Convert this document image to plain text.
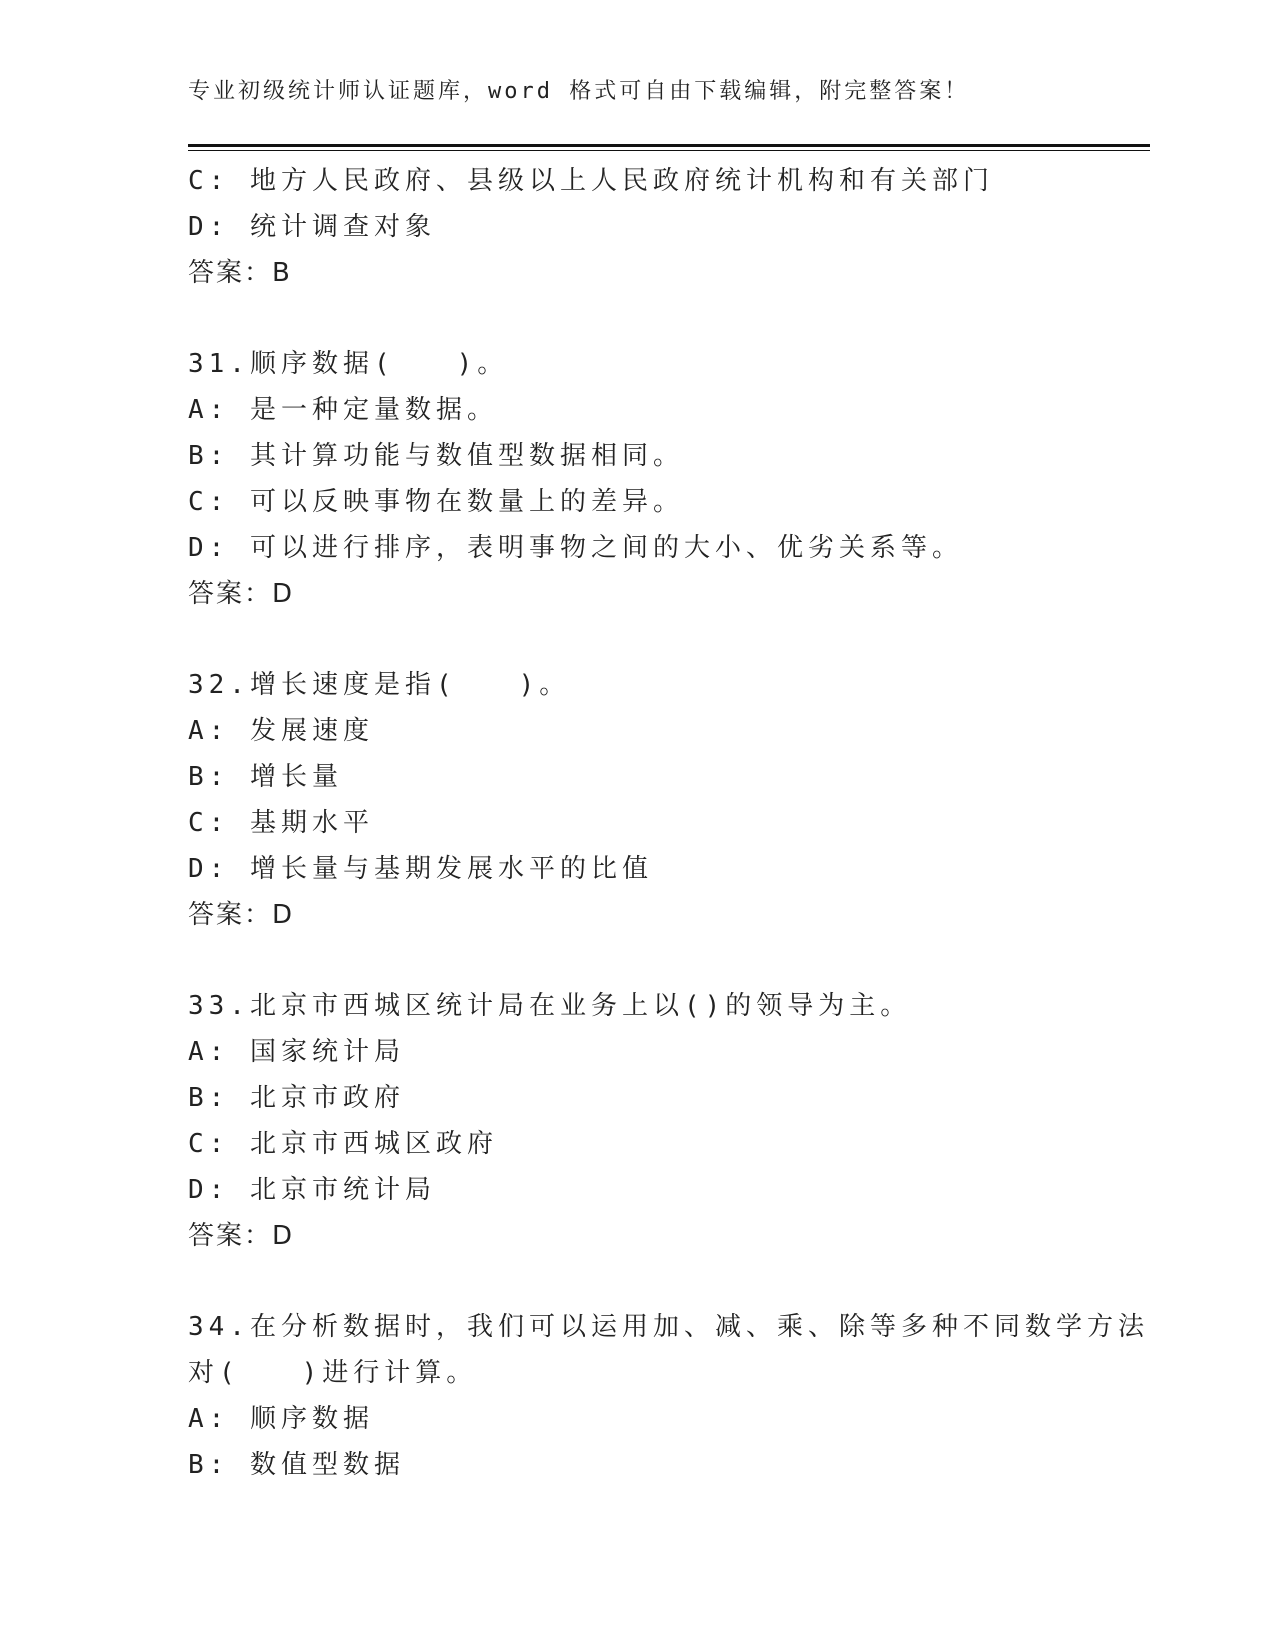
专业初级统计师认证题库，word 格式可自由下载编辑，附完整答案！
C: 地方人民政府、县级以上人民政府统计机构和有关部门
D: 统计调查对象
答案：B
31.顺序数据(　　)。
A: 是一种定量数据。
B: 其计算功能与数值型数据相同。
C: 可以反映事物在数量上的差异。
D: 可以进行排序，表明事物之间的大小、优劣关系等。
答案：D
32.增长速度是指(　　)。
A: 发展速度
B: 增长量
C: 基期水平
D: 增长量与基期发展水平的比值
答案：D
33.北京市西城区统计局在业务上以()的领导为主。
A: 国家统计局
B: 北京市政府
C: 北京市西城区政府
D: 北京市统计局
答案：D
34.在分析数据时，我们可以运用加、减、乘、除等多种不同数学方法
对(　　)进行计算。
A: 顺序数据
B: 数值型数据
